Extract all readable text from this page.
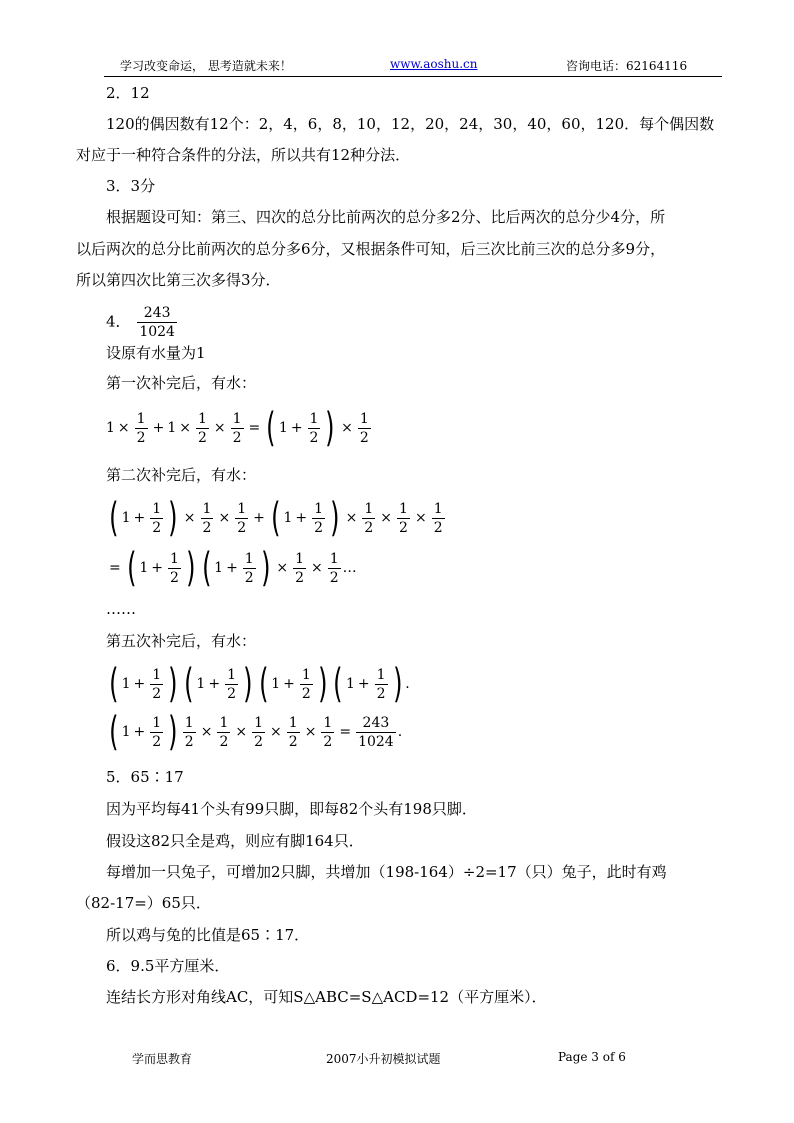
学习改变命运， 思考造就未来！	www.aoshu.cn	咨询电话：62164116
2．12
120的偶因数有12个：2，4，6，8，10，12，20，24，30，40，60，120．每个偶因数
对应于一种符合条件的分法，所以共有12种分法．
3．3分
根据题设可知：第三、四次的总分比前两次的总分多2分、比后两次的总分少4分，所
以后两次的总分比前两次的总分多6分，又根据条件可知，后三次比前三次的总分多9分，
所以第四次比第三次多得3分．
4． $\frac{243}{1024}$
设原有水量为1
第一次补完后，有水：
$1 \times \frac{1}{2} + 1 \times \frac{1}{2} \times \frac{1}{2}$ = ( $1 + \frac{1}{2}$ ) × $\frac{1}{2}$
第二次补完后，有水：
( $1 + \frac{1}{2}$ ) × $\frac{1}{2} \times \frac{1}{2}$ + ( $1 + \frac{1}{2}$ ) × $\frac{1}{2} \times \frac{1}{2} \times \frac{1}{2}$
= ( $1 + \frac{1}{2}$ ) ( $1 + \frac{1}{2}$ ) × $\frac{1}{2} \times \frac{1}{2}$ …
……
第五次补完后，有水：
( $1 + \frac{1}{2}$ ) ( $1 + \frac{1}{2}$ ) ( $1 + \frac{1}{2}$ ) ( $1 + \frac{1}{2}$ ) .
( $1 + \frac{1}{2}$ ) $\frac{1}{2} \times \frac{1}{2} \times \frac{1}{2} \times \frac{1}{2} \times \frac{1}{2} = \frac{243}{1024}$ .
5．65∶17
因为平均每41个头有99只脚，即每82个头有198只脚．
假设这82只全是鸡，则应有脚164只．
每增加一只兔子，可增加2只脚，共增加（198-164）÷2=17（只）兔子，此时有鸡
（82-17=）65只．
所以鸡与兔的比值是65∶17．
6．9.5平方厘米．
连结长方形对角线AC，可知S△ABC=S△ACD=12（平方厘米）．
学而思教育	2007小升初模拟试题	Page 3 of 6
